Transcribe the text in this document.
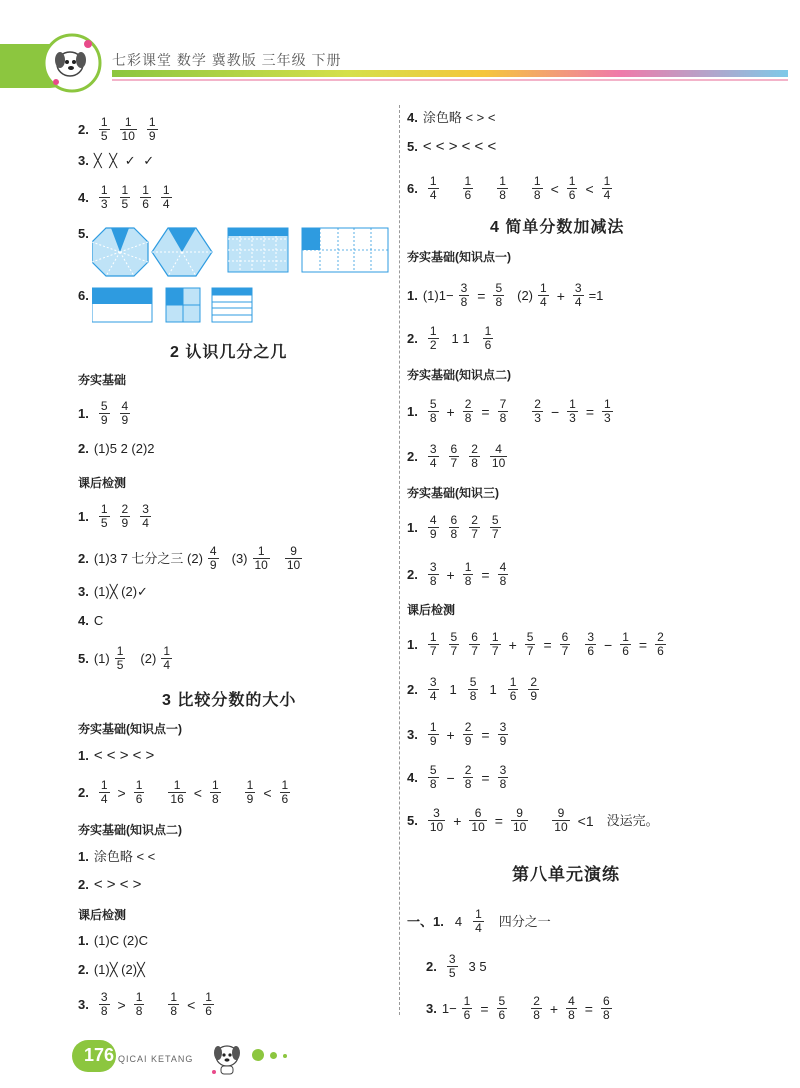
七彩课堂 数学 冀教版 三年级 下册
2. $\frac{1}{5} \frac{1}{10} \frac{1}{9}$
3. ╳ ╳ ✓ ✓
4. $\frac{1}{3} \frac{1}{5} \frac{1}{6} \frac{1}{4}$
5.
6.
2 认识几分之几
夯实基础
1. $\frac{5}{9} \frac{4}{9}$
2. (1)5 2 (2)2
课后检测
1. $\frac{1}{5} \frac{2}{9} \frac{3}{4}$
2. (1)3 7 七分之三 $(2) \frac{4}{9} (3) \frac{1}{10} \frac{9}{10}$
3. (1)╳ (2)✓
4. C
5. $(1) \frac{1}{5} (2) \frac{1}{4}$
3 比较分数的大小
夯实基础(知识点一)
1. < < > < >
2. $\frac{1}{4} > \frac{1}{6} \frac{1}{16} < \frac{1}{8} \frac{1}{9} < \frac{1}{6}$
夯实基础(知识点二)
1. 涂色略 < <
2. < > < >
课后检测
1. (1)C (2)C
2. (1)╳ (2)╳
3. $\frac{3}{8} > \frac{1}{8} \frac{1}{8} < \frac{1}{6}$
4. 涂色略 < > <
5. < < > < < <
6. $\frac{1}{4} \frac{1}{6} \frac{1}{8} \frac{1}{8} < \frac{1}{6} < \frac{1}{4}$
4 简单分数加减法
夯实基础(知识点一)
1. $(1)1- \frac{3}{8} = \frac{5}{8} (2) \frac{1}{4} + \frac{3}{4} =1$
2. $\frac{1}{2} 1$ $1 \frac{1}{6}$
夯实基础(知识点二)
1. $\frac{5}{8} + \frac{2}{8} = \frac{7}{8} \frac{2}{3} - \frac{1}{3} = \frac{1}{3}$
2. $\frac{3}{4} \frac{6}{7} \frac{2}{8} \frac{4}{10}$
夯实基础(知识三)
1. $\frac{4}{9} \frac{6}{8} \frac{2}{7} \frac{5}{7}$
2. $\frac{3}{8} + \frac{1}{8} = \frac{4}{8}$
课后检测
1. $\frac{1}{7} \frac{5}{7} \frac{6}{7} \frac{1}{7} + \frac{5}{7} = \frac{6}{7} \frac{3}{6} - \frac{1}{6} = \frac{2}{6}$
2. $\frac{3}{4} 1 \frac{5}{8} 1 \frac{1}{6} \frac{2}{9}$
3. $\frac{1}{9} + \frac{2}{9} = \frac{3}{9}$
4. $\frac{5}{8} - \frac{2}{8} = \frac{3}{8}$
5. $\frac{3}{10} + \frac{6}{10} = \frac{9}{10} \frac{9}{10} <1$ 没运完。
第八单元演练
一、1. $4 \frac{1}{4}$ 四分之一
2. $\frac{3}{5} 3$ 5
3. $1- \frac{1}{6} = \frac{5}{6} \frac{2}{8} + \frac{4}{8} = \frac{6}{8}$
176 QICAI KETANG
